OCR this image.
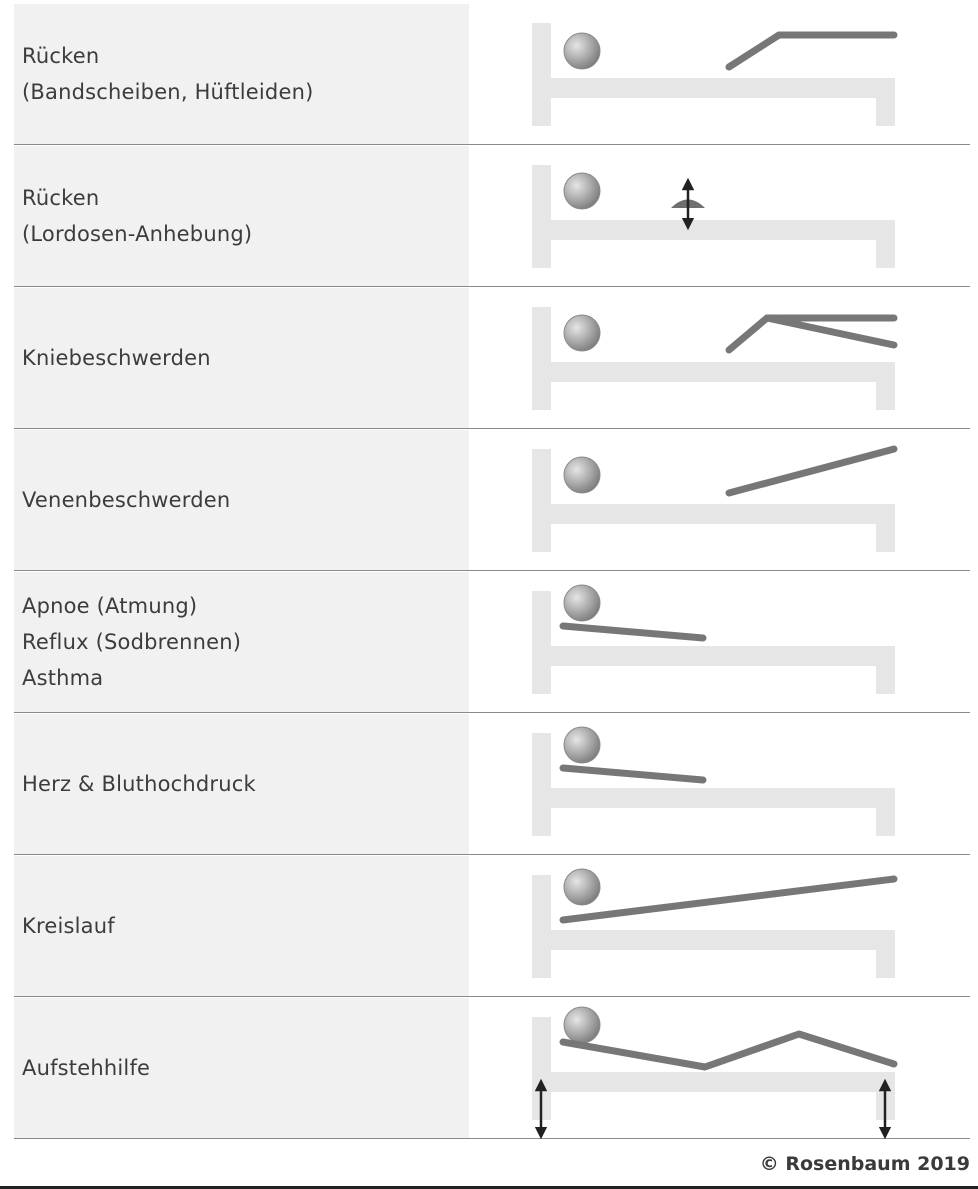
Rücken
(Bandscheiben, Hüftleiden)
Rücken
(Lordosen-Anhebung)
Kniebeschwerden
Venenbeschwerden
Apnoe (Atmung)
Reflux (Sodbrennen)
Asthma
Herz & Bluthochdruck
Kreislauf
Aufstehhilfe
© Rosenbaum 2019
